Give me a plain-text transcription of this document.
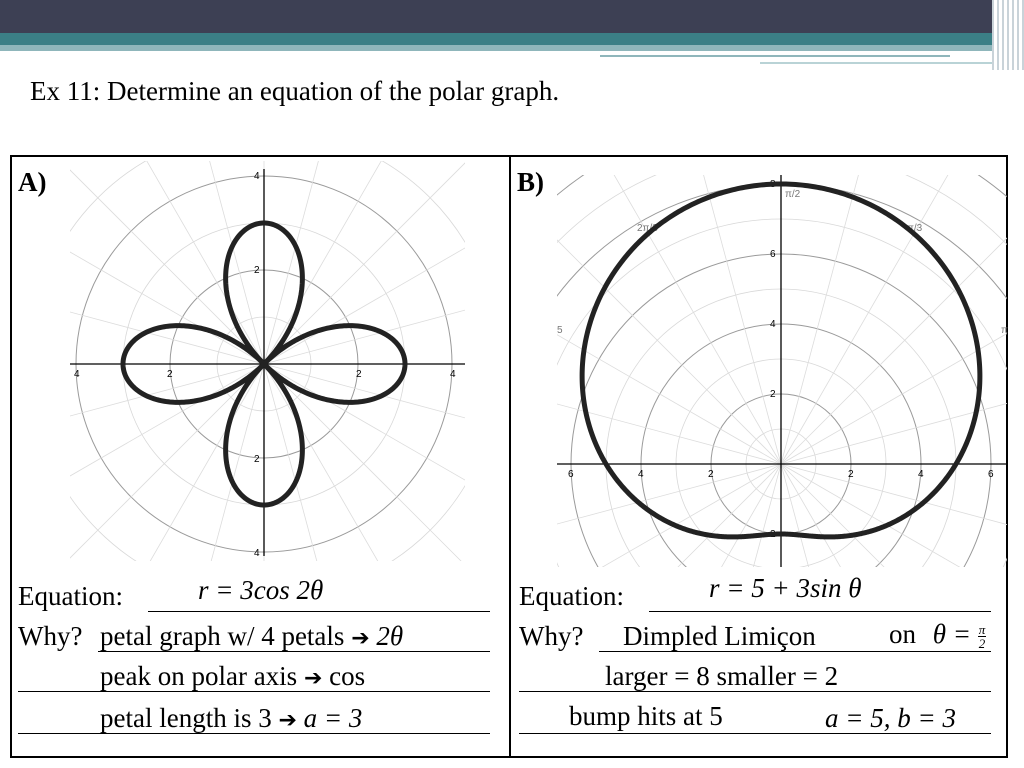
Ex 11: Determine an equation of the polar graph.
A)
4	2	2	4
4
2
2
4
Equation:	r = 3cos 2θ
Why? petal graph w/ 4 petals ➔ 2θ
peak on polar axis ➔ cos
petal length is 3 ➔ a = 3
B)
6	4	2	2	4	6
2
4
6
8
2
π/2
2π/3	π/3
5	π
Equation:	r = 5 + 3sin θ
Why? Dimpled Limiçon	on $\theta = \frac{\pi}{2}$
larger = 8 smaller = 2
bump hits at 5	a = 5, b = 3
